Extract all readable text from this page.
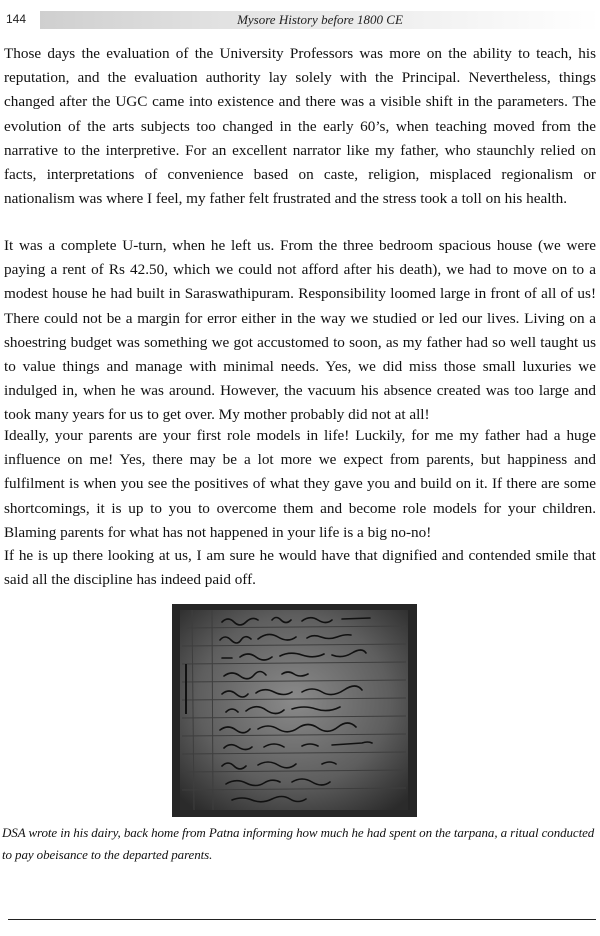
144	Mysore History before 1800 CE

Those days the evaluation of the University Professors was more on the ability to teach, his reputation, and the evaluation authority lay solely with the Principal. Nevertheless, things changed after the UGC came into existence and there was a visible shift in the parameters. The evolution of the arts subjects too changed in the early 60’s, when teaching moved from the narrative to the interpretive. For an excellent narrator like my father, who staunchly relied on facts, interpretations of convenience based on caste, religion, misplaced regionalism or nationalism was where I feel, my father felt frustrated and the stress took a toll on his health.

It was a complete U-turn, when he left us. From the three bedroom spacious house (we were paying a rent of Rs 42.50, which we could not afford after his death), we had to move on to a modest house he had built in Saraswathipuram. Responsibility loomed large in front of all of us! There could not be a margin for error either in the way we studied or led our lives. Living on a shoestring budget was something we got accustomed to soon, as my father had so well taught us to value things and manage with minimal needs. Yes, we did miss those small luxuries we indulged in, when he was around. However, the vacuum his absence created was too large and took many years for us to get over. My mother probably did not at all!

Ideally, your parents are your first role models in life! Luckily, for me my father had a huge influence on me! Yes, there may be a lot more we expect from parents, but happiness and fulfilment is when you see the positives of what they gave you and build on it. If there are some shortcomings, it is up to you to overcome them and become role models for your children. Blaming parents for what has not happened in your life is a big no-no!

If he is up there looking at us, I am sure he would have that dignified and contended smile that said all the discipline has indeed paid off.

DSA wrote in his dairy, back home from Patna informing how much he had spent on the tarpana, a ritual conducted to pay obeisance to the departed parents.
